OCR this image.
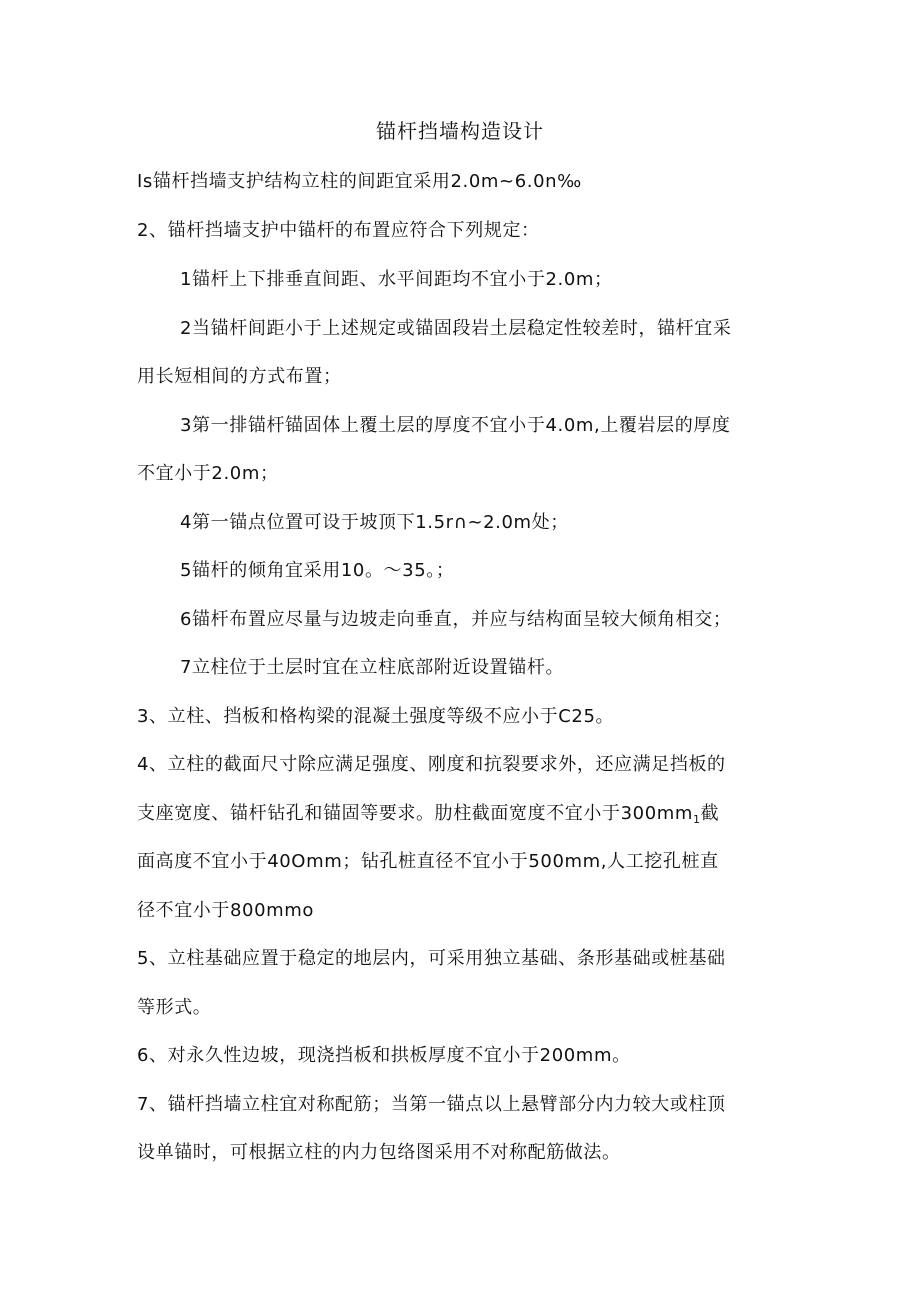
锚杆挡墙构造设计
Is锚杆挡墙支护结构立柱的间距宜采用2.0m~6.0n‰
2、锚杆挡墙支护中锚杆的布置应符合下列规定：
1锚杆上下排垂直间距、水平间距均不宜小于2.0m；
2当锚杆间距小于上述规定或锚固段岩土层稳定性较差时，锚杆宜采
用长短相间的方式布置；
3第一排锚杆锚固体上覆土层的厚度不宜小于4.0m,上覆岩层的厚度
不宜小于2.0m；
4第一锚点位置可设于坡顶下1.5r∩~2.0m处；
5锚杆的倾角宜采用10。～35。；
6锚杆布置应尽量与边坡走向垂直，并应与结构面呈较大倾角相交；
7立柱位于土层时宜在立柱底部附近设置锚杆。
3、立柱、挡板和格构梁的混凝土强度等级不应小于C25。
4、立柱的截面尺寸除应满足强度、刚度和抗裂要求外，还应满足挡板的
支座宽度、锚杆钻孔和锚固等要求。肋柱截面宽度不宜小于$300mm_1$截
面高度不宜小于40Omm；钻孔桩直径不宜小于500mm,人工挖孔桩直
径不宜小于800mmo
5、立柱基础应置于稳定的地层内，可采用独立基础、条形基础或桩基础
等形式。
6、对永久性边坡，现浇挡板和拱板厚度不宜小于200mm。
7、锚杆挡墙立柱宜对称配筋；当第一锚点以上悬臂部分内力较大或柱顶
设单锚时，可根据立柱的内力包络图采用不对称配筋做法。
